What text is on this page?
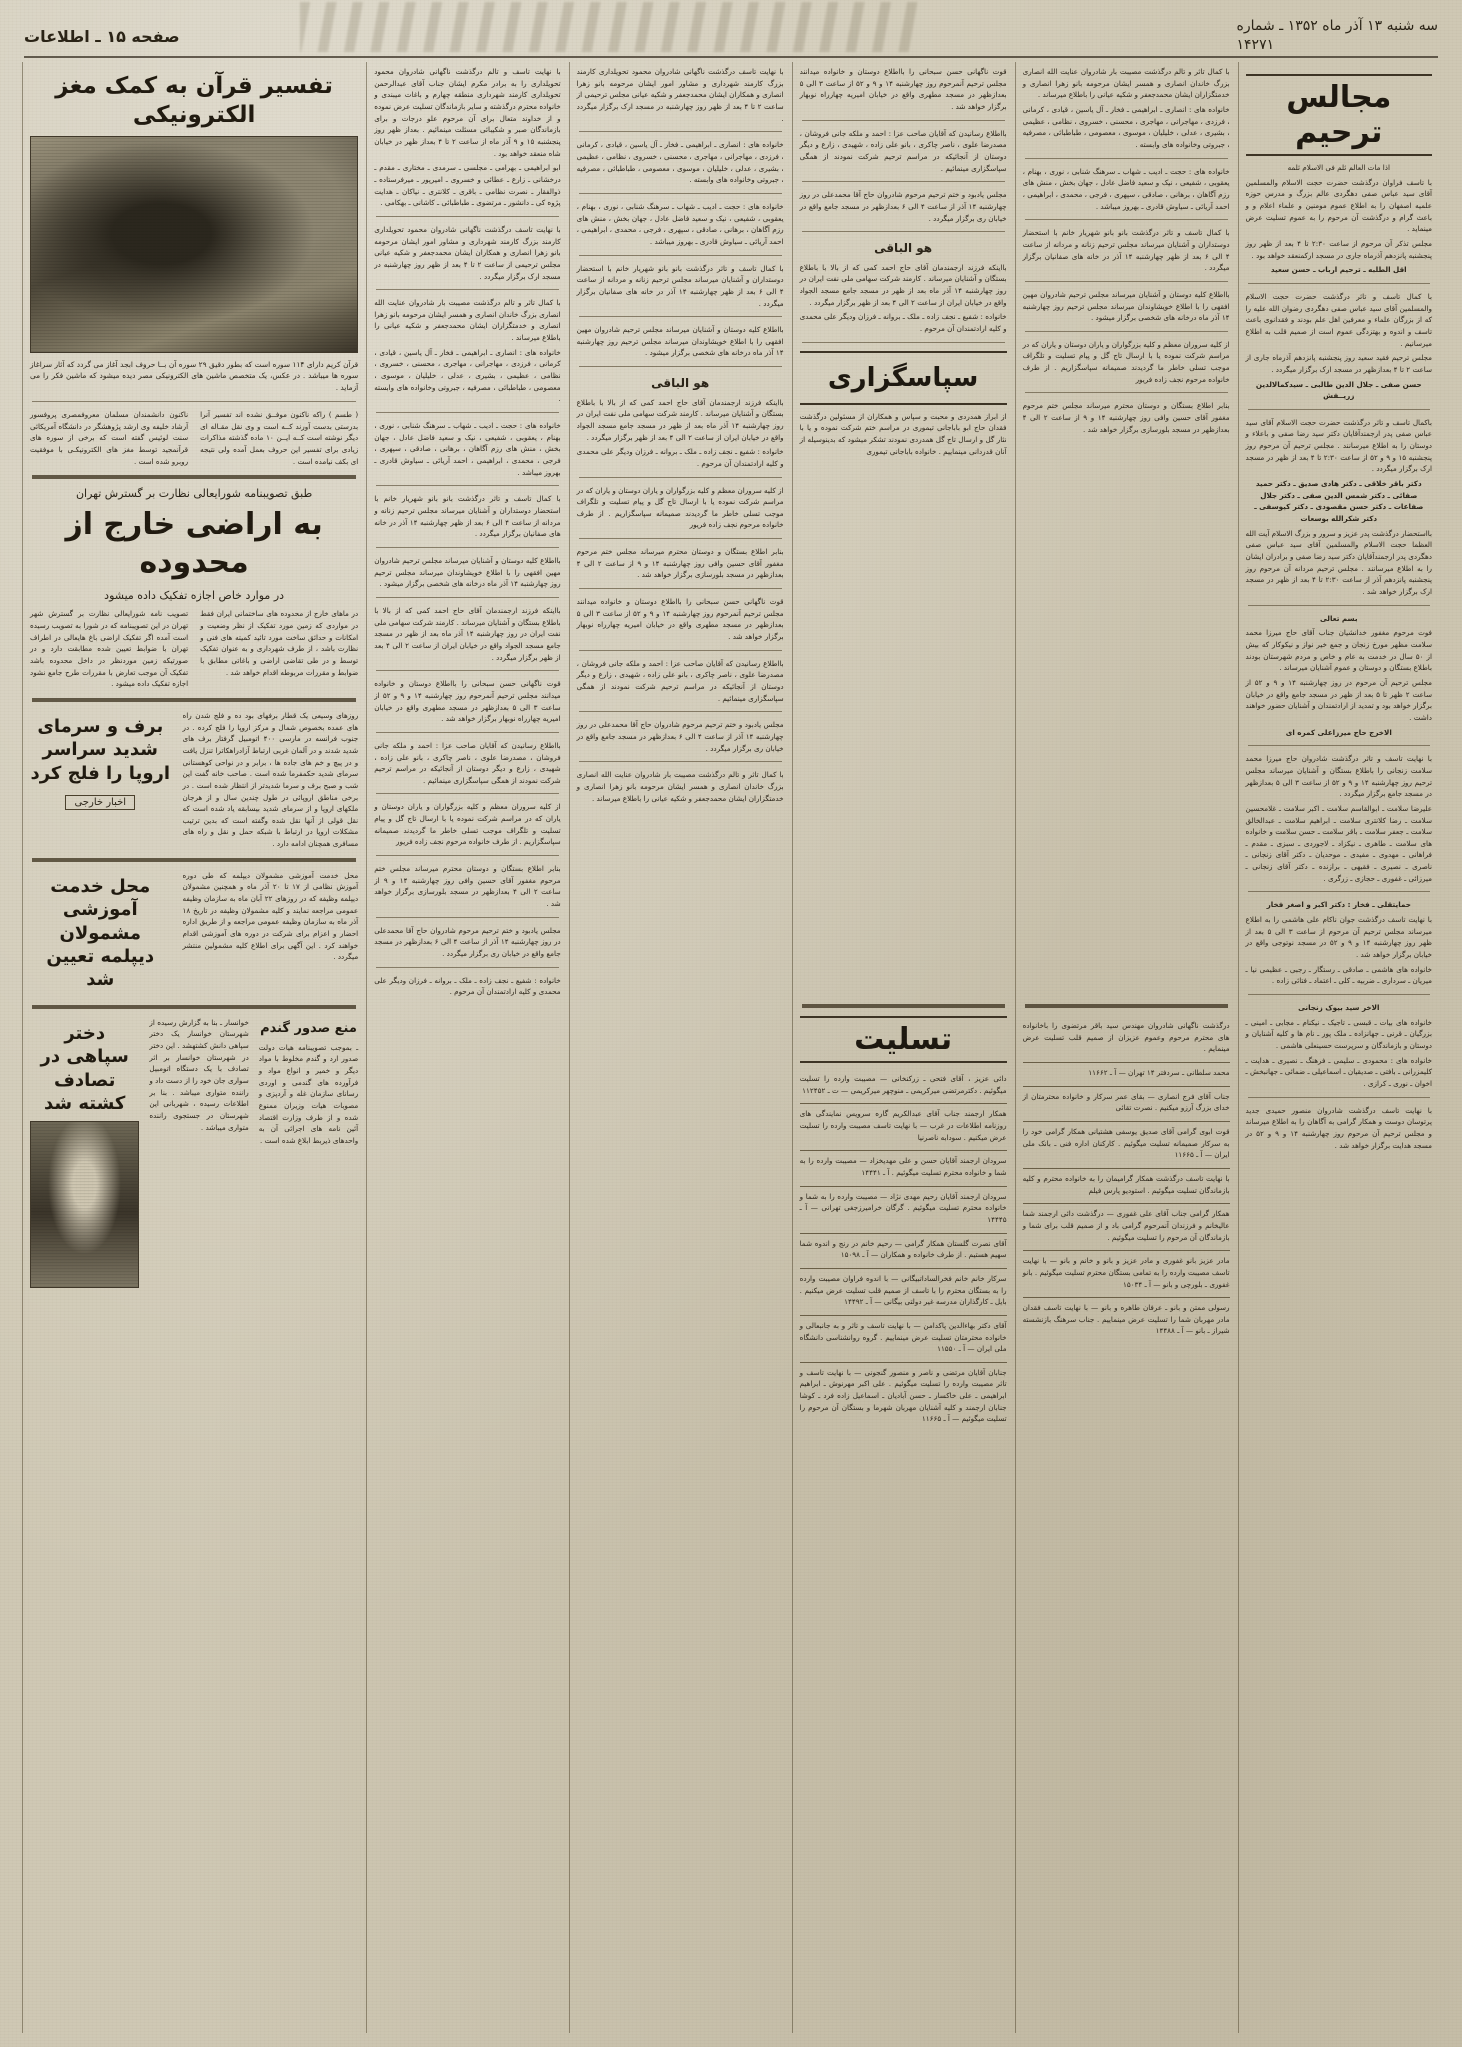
سه شنبه ۱۳ آذر ماه ۱۳۵۲ ـ شماره
۱۴۲۷۱
صفحه ۱۵ ـ اطلاعات
مجالس ترحیم

اذا مات العالم ثلم فی الاسلام ثلمه

با تاسف فراوان درگذشت حضرت حجت الاسلام والمسلمین آقای سید عباس صفی دهگردی عالم بزرگ و مدرس حوزه علمیه اصفهان را به اطلاع عموم مومنین و علماء اعلام و و باعث گرام و درگذشت آن مرحوم را به عموم تسلیت عرض مینماید .

مجلس تذکر آن مرحوم از ساعت ۲:۳۰ تا ۴ بعد از ظهر روز پنجشنبه پانزدهم آذرماه جاری در مسجد ارکمنعقد خواهد بود .

اقل الطلبه ـ ترحیم ارباب ـ حسن سعید

با کمال تاسف و تاثر درگذشت حضرت حجت الاسلام والمسلمین آقای سید عباس صفی دهگردی رضوان الله علیه را که از بزرگان علماء و معرفین اهل علم بودند و فقدانوی باعث تاسف و اندوه و بهتزدگی عموم است از صمیم قلب به اطلاع میرسانیم .

مجلس ترحیم فقید سعید روز پنجشنبه پانزدهم آذرماه جاری از ساعت ۲ تا ۴ بعدازظهر در مسجد ارک برگزار میگردد .

حسن صفی ـ جلال الدین طالبی ـ سیدکمالالدین زریــفش

باکمال تاسف و تاثر درگذشت حضرت حجت الاسلام آقای سید عباس صفی پدر ارجمندآقایان دکتر سید رضا صفی و باعلاء و دوستان را به اطلاع میرسانند . مجلس ترحیم آن مرحوم روز پنجشنبه ۱۵ و ۹ و ۵۲ از ساعت ۲:۳۰ تا ۴ بعد از ظهر در مسجد ارک برگزار میگردد .

دکتر باقر خلاقی ـ دکتر هادی صدیق ـ دکتر حمید صفائی ـ دکتر شمس الدین صفی ـ دکتر جلال صفاعات ـ دکتر حسن مقصودی ـ دکتر کیوسفی ـ دکتر شکرالله بوسعات

بااستحضار درگذشت پدر عزیز و سرور و بزرگ الاسلام آیت الله العظما حجت الاسلام والمسلمین آقای سید عباس صفی دهگردی پدر ارجمندآقایان دکتر سید رضا صفی و برادران ایشان را به اطلاع میرسانند . مجلس ترحیم مردانه آن مرحوم روز پنجشنبه پانزدهم آذر از ساعت ۲:۳۰ تا ۴ بعد از ظهر در مسجد ارک برگزار خواهد شد .

بسم تعالی

فوت مرحوم مغفور خدانشیان جناب آقای حاج میرزا محمد سلامت مظهر مورخ زنجان و جمع خیر نواز و نیکوکار که بیش از ۵۰ سال در خدمت به عام و خاص و مردم شهرستان بودند باطلاع بستگان و دوستان و عموم آشنایان میرساند .

مجلس ترحیم آن مرحوم در روز چهارشنبه ۱۴ و ۹ و ۵۲ از ساعت ۲ ظهر تا ۵ بعد از ظهر در مسجد جامع واقع در خیابان برگزار خواهد بود و تمدید از ارادتمندان و آشنایان حضور خواهند داشت .

الاخرج حاج میرزاعلی کمره ای

با نهایت تاسف و تاثر درگذشت شادروان حاج میرزا محمد سلامت زنجانی را باطلاع بستگان و آشنایان میرساند مجلس ترحیم روز چهارشنبه ۱۴ و ۹ و ۵۲ از ساعت ۳ الی ۵ بعدازظهر در مسجد جامع برگزار میگردد .

علیرضا سلامت ـ ابوالقاسم سلامت ـ اکبر سلامت ـ غلامحسین سلامت ـ رضا کلانتری سلامت ـ ابراهیم سلامت ـ عبدالخالق سلامت ـ جعفر سلامت ـ باقر سلامت ـ حسن سلامت و خانواده های سلامت ـ طاهری ـ نیکزاد ـ لاجوردی ـ سبزی ـ مقدم ـ فراهانی ـ مهدوی ـ مفیدی ـ موحدیان ـ دکتر آقای زنجانی ـ ناصری ـ نصیری ـ فقیهی ـ برازنده ـ دکتر آقای زنجانی ـ میرزائی ـ غفوری ـ حجازی ـ زرگری .

حمایتقلی ـ فخار : دکتر اکبر و اصغر فخار

با نهایت تاسف درگذشت جوان ناکام علی هاشمی را به اطلاع میرساند مجلس ترحیم آن مرحوم از ساعت ۳ الی ۵ بعد از ظهر روز چهارشنبه ۱۴ و ۹ و ۵۲ در مسجد نوتوجی واقع در خیابان برگزار خواهد شد .

خانواده های هاشمی ـ صادقی ـ رستگار ـ رجبی ـ عظیمی نیا ـ میریان ـ سرداری ـ ضربیه ـ کلی ـ اعتماد ـ فتائی زاده .

الاخر سید بیوک زنجانی

خانواده های بیات ـ قبسی ـ تاجیک ـ نیکنام ـ مجابی ـ امینی ـ بزرگیان ـ قرنی ـ جهانزاده ـ ملک پور ـ نام ها و کلیه آشنایان و دوستان و بازماندگان و سرپرست حسینعلی هاشمی .

خانواده های : محمودی ـ سلیمی ـ فرهنگ ـ نصیری ـ هدایت ـ کلیمزرانی ـ بافتی ـ صدیقیان ـ اسماعیلی ـ ضمائی ـ جهانبخش ـ اخوان ـ نوری ـ کرازی .

با نهایت تاسف درگذشت شادروان منصور حمیدی جدید پرتوسان دوست و همکار گرامی به آگاهان را به اطلاع میرساند و مجلس ترحیم آن مرحوم روز چهارشنبه ۱۴ و ۹ و ۵۲ در مسجد هدایت برگزار خواهد شد .

با کمال تاثر و تالم درگذشت مصیبت بار شادروان عنایت الله انصاری بزرگ خاندان انصاری و همسر ایشان مرحومه بانو زهرا انصاری و خدمتگزاران ایشان محمدجعفر و شکیه عیانی را باطلاع میرساند .

خانواده های : انصاری ـ ابراهیمی ـ فخار ـ آل یاسین ، قیادی ، کرمانی ، فرزدی ، مهاجرانی ، مهاجری ، محسنی ، خسروی ، نظامی ، عظیمی ، بشیری ، عدلی ، خلیلیان ، موسوی ، معصومی ، طباطبائی ، مصرفیه ، جبروتی وخانواده های وابسته .

خانواده های : حجت ـ ادیب ـ شهاب ـ سرهنگ شنابی ، نوری ، بهنام ، یعقوبی ، شفیعی ، نیک و سعید فاضل عادل ، جهان بخش ، منش های رزم آگاهان ، برهانی ، صادقی ، سپهری ، فرجی ، محمدی ، ابراهیمی ، احمد آریائی ـ سیاوش قادری ـ بهروز میباشد .

با کمال تاسف و تاثر درگذشت بانو بانو شهریار خانم با استحضار دوستداران و آشنایان میرساند مجلس ترحیم زنانه و مردانه از ساعت ۴ الی ۶ بعد از ظهر چهارشنبه ۱۴ آذر در خانه های صفانیان برگزار میگردد .

بااطلاع کلیه دوستان و آشنایان میرساند مجلس ترحیم شادروان مهین افقهی را با اطلاع خویشاوندان میرساند مجلس ترحیم روز چهارشنبه ۱۴ آذر ماه درخانه های شخصی برگزار میشود .

از کلیه سروران معظم و کلیه بزرگواران و یاران دوستان و یاران که در مراسم شرکت نموده یا با ارسال تاج گل و پیام تسلیت و تلگراف موجب تسلی خاطر ما گردیدند صمیمانه سپاسگزاریم . از طرف خانواده مرحوم نجف زاده فریور

بنابر اطلاع بستگان و دوستان محترم میرساند مجلس ختم مرحوم مغفور آقای حسین وافی روز چهارشنبه ۱۴ و ۹ از ساعت ۲ الی ۴ بعدازظهر در مسجد بلورسازی برگزار خواهد شد .

درگذشت ناگهانی شادروان مهندس سید باقر مرتضوی را باخانواده های محترم مرحوم وعموم عزیزان از صمیم قلب تسلیت عرض مینمایم .

محمد سلطانی ـ سردفتر ۱۴ تهران — آ ـ ۱۱۶۶۲

جناب آقای فرج انصاری — بقای عمر سرکار و خانواده محترمتان از خدای بزرگ آرزو میکنیم . نصرت تقائی

قوت ابوی گرامی آقای صدیق یوسفی هشتیانی همکار گرامی خود را به سرکار صمیمانه تسلیت میگوئیم . کارکنان اداره فنی ـ بانک ملی ایران — آ ـ ۱۱۶۶۵

با نهایت تاسف درگذشت همکار گرامیمان را به خانواده محترم و کلیه بازماندگان تسلیت میگوئیم . استودیو پارس فیلم

همکار گرامی جناب آقای علی غفوری — درگذشت دائی ارجمند شما عالیخانم و فرزندان آنمرحوم گرامی باد و از صمیم قلب برای شما و بازماندگان آن مرحوم را تسلیت میگوئیم .

مادر عزیز بانو غفوری و مادر عزیز و بانو و خانم و بانو — با نهایت تاسف مصیبت وارده را به تمامی بستگان محترم تسلیت میگوئیم . بانو غفوری ـ بلورچی و بانو — آ ـ ۱۵۰۳۴

رسولی ممتن و بانو ـ عرفان طاهره و بانو — با نهایت تاسف فقدان مادر مهربان شما را تسلیت عرض مینماییم . جناب سرهنگ بازنشسته شیراز ـ بانو — آ ـ ۱۴۴۸۸

قوت ناگهانی حسن سبحانی را بااطلاع دوستان و خانواده میدانند مجلس ترحیم آنمرحوم روز چهارشنبه ۱۴ و ۹ و ۵۲ از ساعت ۳ الی ۵ بعدازظهر در مسجد مطهری واقع در خیابان امیریه چهارراه نوبهار برگزار خواهد شد .

بااطلاع رسانیدن که آقایان صاحب عزا : احمد و ملکه جانی فروشان ، مصدرضا علوی ، ناصر چاکری ، بانو علی زاده ، شهیدی ، زارع و دیگر دوستان از آنجائیکه در مراسم ترحیم شرکت نمودند از همگی سپاسگزاری مینمائیم .

مجلس یادبود و ختم ترحیم مرحوم شادروان حاج آقا محمدعلی در روز چهارشنبه ۱۴ آذر از ساعت ۴ الی ۶ بعدازظهر در مسجد جامع واقع در خیابان ری برگزار میگردد .

هو الباقی

بااینکه فرزند ارجمندمان آقای حاج احمد کمی که از بالا با باطلاع بستگان و آشنایان میرساند . کارمند شرکت سهامی ملی نفت ایران در روز چهارشنبه ۱۴ آذر ماه بعد از ظهر در مسجد جامع مسجد الجواد واقع در خیابان ایران از ساعت ۲ الی ۴ بعد از ظهر برگزار میگردد .

خانواده : شفیع ـ نجف زاده ـ ملک ـ بروانه ـ فرزان ودیگر علی محمدی و کلیه ارادتمندان آن مرحوم .

سپاسگزاری

از ابراز همدردی و محبت و سپاس و همکاران از مسئولین درگذشت فقدان حاج ابو باباجانی تیموری در مراسم ختم شرکت نموده و یا با نثار گل و ارسال تاج گل همدردی نمودند تشکر میشود که بدینوسیله از آنان قدردانی مینماییم . خانواده باباجانی تیموری

تسلیت

دائی عزیز ، آقای فتحی ـ زرکنخانی — مصیبت وارده را تسلیت میگوئیم . دکترمرتضی میرکریمی ـ منوچهر میرکریمی — ت ـ ۱۱۲۴۵۲

همکار ارجمند جناب آقای عبدالکریم گاره سرویس نمایندگی های روزنامه اطلاعات در غرب — با نهایت تاسف مصیبت وارده را تسلیت عرض میکنیم . سودابه ناصرنیا

سرودان ارجمند آقایان حسن و علی مهدیخزاد — مصیبت وارده را به شما و خانواده محترم تسلیت میگوئیم . آ ـ ۱۴۴۴۱

سرودان ارجمند آقایان رحیم مهدی نژاد — مصیبت وارده را به شما و خانواده محترم تسلیت میگوئیم . گرگان خرامیرزجغی تهرانی — آ ـ ۱۴۴۴۵

آقای نصرت گلستان همکار گرامی — رحیم خانم در رنج و اندوه شما سهیم هستیم . از طرف خانواده و همکاران — آ ـ ۱۵۰۹۸

سرکار خانم خانم فخرالساداتبیگانی — با اندوه فراوان مصیبت وارده را به بستگان محترم را با تاسف از صمیم قلب تسلیت عرض میکنیم . بایل ـ کارگذاران مدرسه غیر دولتی بیگانی — آ ـ ۱۴۴۹۲

آقای دکتر بهاءالدین پاکدامن — با نهایت تاسف و تاثر و به جانبعالی و خانواده محترمتان تسلیت عرض مینماییم . گروه روانشناسی دانشگاه ملی ایران — آ ـ ۱۱۵۵۰

جنابان آقایان مرتضی و ناصر و منصور گنجونی — با نهایت تاسف و تاثر مصیبت وارده را تسلیت میگوئیم . علی اکبر مهرنوش ـ ابراهیم ابراهیمی ـ علی خاکسار ـ حسن آبادیان ـ اسماعیل زاده فرد ـ کوشا جنابان ارجمند و کلیه آشنایان مهربان شهرما و بستگان آن مرحوم را تسلیت میگوئیم — آ ـ ۱۱۶۶۵

با نهایت تاسف درگذشت ناگهانی شادروان محمود تحویلداری کارمند بزرگ کارمند شهرداری و مشاور امور ایشان مرحومه بانو زهرا انصاری و همکاران ایشان محمدجعفر و شکیه عیانی مجلس ترحیمی از ساعت ۲ تا ۴ بعد از ظهر روز چهارشنبه در مسجد ارک برگزار میگردد .

خانواده های : انصاری ـ ابراهیمی ـ فخار ـ آل یاسین ، قیادی ، کرمانی ، فرزدی ، مهاجرانی ، مهاجری ، محسنی ، خسروی ، نظامی ، عظیمی ، بشیری ، عدلی ، خلیلیان ، موسوی ، معصومی ، طباطبائی ، مصرفیه ، جبروتی وخانواده های وابسته .

خانواده های : حجت ـ ادیب ـ شهاب ـ سرهنگ شنابی ، نوری ، بهنام ، یعقوبی ، شفیعی ، نیک و سعید فاضل عادل ، جهان بخش ، منش های رزم آگاهان ، برهانی ، صادقی ، سپهری ، فرجی ، محمدی ، ابراهیمی ، احمد آریائی ـ سیاوش قادری ـ بهروز میباشد .

با کمال تاسف و تاثر درگذشت بانو بانو شهریار خانم با استحضار دوستداران و آشنایان میرساند مجلس ترحیم زنانه و مردانه از ساعت ۴ الی ۶ بعد از ظهر چهارشنبه ۱۴ آذر در خانه های صفانیان برگزار میگردد .

بااطلاع کلیه دوستان و آشنایان میرساند مجلس ترحیم شادروان مهین افقهی را با اطلاع خویشاوندان میرساند مجلس ترحیم روز چهارشنبه ۱۴ آذر ماه درخانه های شخصی برگزار میشود .

هو الباقی

بااینکه فرزند ارجمندمان آقای حاج احمد کمی که از بالا با باطلاع بستگان و آشنایان میرساند . کارمند شرکت سهامی ملی نفت ایران در روز چهارشنبه ۱۴ آذر ماه بعد از ظهر در مسجد جامع مسجد الجواد واقع در خیابان ایران از ساعت ۲ الی ۴ بعد از ظهر برگزار میگردد .

خانواده : شفیع ـ نجف زاده ـ ملک ـ بروانه ـ فرزان ودیگر علی محمدی و کلیه ارادتمندان آن مرحوم .

از کلیه سروران معظم و کلیه بزرگواران و یاران دوستان و یاران که در مراسم شرکت نموده یا با ارسال تاج گل و پیام تسلیت و تلگراف موجب تسلی خاطر ما گردیدند صمیمانه سپاسگزاریم . از طرف خانواده مرحوم نجف زاده فریور

بنابر اطلاع بستگان و دوستان محترم میرساند مجلس ختم مرحوم مغفور آقای حسین وافی روز چهارشنبه ۱۴ و ۹ از ساعت ۲ الی ۴ بعدازظهر در مسجد بلورسازی برگزار خواهد شد .

قوت ناگهانی حسن سبحانی را بااطلاع دوستان و خانواده میدانند مجلس ترحیم آنمرحوم روز چهارشنبه ۱۴ و ۹ و ۵۲ از ساعت ۳ الی ۵ بعدازظهر در مسجد مطهری واقع در خیابان امیریه چهارراه نوبهار برگزار خواهد شد .

بااطلاع رسانیدن که آقایان صاحب عزا : احمد و ملکه جانی فروشان ، مصدرضا علوی ، ناصر چاکری ، بانو علی زاده ، شهیدی ، زارع و دیگر دوستان از آنجائیکه در مراسم ترحیم شرکت نمودند از همگی سپاسگزاری مینمائیم .

مجلس یادبود و ختم ترحیم مرحوم شادروان حاج آقا محمدعلی در روز چهارشنبه ۱۴ آذر از ساعت ۴ الی ۶ بعدازظهر در مسجد جامع واقع در خیابان ری برگزار میگردد .

با کمال تاثر و تالم درگذشت مصیبت بار شادروان عنایت الله انصاری بزرگ خاندان انصاری و همسر ایشان مرحومه بانو زهرا انصاری و خدمتگزاران ایشان محمدجعفر و شکیه عیانی را باطلاع میرساند .

با نهایت تاسف و تالم درگذشت ناگهانی شادروان محمود تحویلداری را به برادر مکرم ایشان جناب آقای عبدالرحمن تحویلداری کارمند شهرداری منطقه چهارم و باغات میبندی و خانواده محترم درگذشته و سایر بازماندگان تسلیت عرض نموده و از خداوند متعال برای آن مرحوم علو درجات و برای بازماندگان صبر و شکیبائی مسئلت مینمائیم . بعداز ظهر روز پنجشنبه ۱۵ و ۹ آذر ماه از ساعت ۲ تا ۴ بعداز ظهر در خیابان شاه منعقد خواهد بود .

ابو ابراهیمی ـ بهرامی ـ مجلسی ـ سرمدی ـ مختاری ـ مقدم ـ درخشانی ـ زارع ـ عطائی و خسروی ـ امیرپور ـ میرفرستاده ـ ذوالفقار ـ نصرت نظامی ـ باقری ـ کلانتری ـ نیاکان ـ هدایت پژوه کی ـ دانشور ـ مرتضوی ـ طباطبائی ـ کاشانی ـ بهکامی .

با نهایت تاسف درگذشت ناگهانی شادروان محمود تحویلداری کارمند بزرگ کارمند شهرداری و مشاور امور ایشان مرحومه بانو زهرا انصاری و همکاران ایشان محمدجعفر و شکیه عیانی مجلس ترحیمی از ساعت ۲ تا ۴ بعد از ظهر روز چهارشنبه در مسجد ارک برگزار میگردد .

با کمال تاثر و تالم درگذشت مصیبت بار شادروان عنایت الله انصاری بزرگ خاندان انصاری و همسر ایشان مرحومه بانو زهرا انصاری و خدمتگزاران ایشان محمدجعفر و شکیه عیانی را باطلاع میرساند .

خانواده های : انصاری ـ ابراهیمی ـ فخار ـ آل یاسین ، قیادی ، کرمانی ، فرزدی ، مهاجرانی ، مهاجری ، محسنی ، خسروی ، نظامی ، عظیمی ، بشیری ، عدلی ، خلیلیان ، موسوی ، معصومی ، طباطبائی ، مصرفیه ، جبروتی وخانواده های وابسته .

خانواده های : حجت ـ ادیب ـ شهاب ـ سرهنگ شنابی ، نوری ، بهنام ، یعقوبی ، شفیعی ، نیک و سعید فاضل عادل ، جهان بخش ، منش های رزم آگاهان ، برهانی ، صادقی ، سپهری ، فرجی ، محمدی ، ابراهیمی ، احمد آریائی ـ سیاوش قادری ـ بهروز میباشد .

با کمال تاسف و تاثر درگذشت بانو بانو شهریار خانم با استحضار دوستداران و آشنایان میرساند مجلس ترحیم زنانه و مردانه از ساعت ۴ الی ۶ بعد از ظهر چهارشنبه ۱۴ آذر در خانه های صفانیان برگزار میگردد .

بااطلاع کلیه دوستان و آشنایان میرساند مجلس ترحیم شادروان مهین افقهی را با اطلاع خویشاوندان میرساند مجلس ترحیم روز چهارشنبه ۱۴ آذر ماه درخانه های شخصی برگزار میشود .

بااینکه فرزند ارجمندمان آقای حاج احمد کمی که از بالا با باطلاع بستگان و آشنایان میرساند . کارمند شرکت سهامی ملی نفت ایران در روز چهارشنبه ۱۴ آذر ماه بعد از ظهر در مسجد جامع مسجد الجواد واقع در خیابان ایران از ساعت ۲ الی ۴ بعد از ظهر برگزار میگردد .

قوت ناگهانی حسن سبحانی را بااطلاع دوستان و خانواده میدانند مجلس ترحیم آنمرحوم روز چهارشنبه ۱۴ و ۹ و ۵۲ از ساعت ۳ الی ۵ بعدازظهر در مسجد مطهری واقع در خیابان امیریه چهارراه نوبهار برگزار خواهد شد .

بااطلاع رسانیدن که آقایان صاحب عزا : احمد و ملکه جانی فروشان ، مصدرضا علوی ، ناصر چاکری ، بانو علی زاده ، شهیدی ، زارع و دیگر دوستان از آنجائیکه در مراسم ترحیم شرکت نمودند از همگی سپاسگزاری مینمائیم .

از کلیه سروران معظم و کلیه بزرگواران و یاران دوستان و یاران که در مراسم شرکت نموده یا با ارسال تاج گل و پیام تسلیت و تلگراف موجب تسلی خاطر ما گردیدند صمیمانه سپاسگزاریم . از طرف خانواده مرحوم نجف زاده فریور

بنابر اطلاع بستگان و دوستان محترم میرساند مجلس ختم مرحوم مغفور آقای حسین وافی روز چهارشنبه ۱۴ و ۹ از ساعت ۲ الی ۴ بعدازظهر در مسجد بلورسازی برگزار خواهد شد .

مجلس یادبود و ختم ترحیم مرحوم شادروان حاج آقا محمدعلی در روز چهارشنبه ۱۴ آذر از ساعت ۴ الی ۶ بعدازظهر در مسجد جامع واقع در خیابان ری برگزار میگردد .

خانواده : شفیع ـ نجف زاده ـ ملک ـ بروانه ـ فرزان ودیگر علی محمدی و کلیه ارادتمندان آن مرحوم .

تفسیر قرآن به کمک مغز الکترونیکی
قرآن کریم دارای ۱۱۴ سوره است که بطور دقیق ۲۹ سوره آن بــا حروف ابجد آغاز می گردد که آثار سراغاز سوره ها میباشد . در عکس، یک متخصص ماشین های الکترونیکی مصر دیده میشود که ماشین فکر را می آزماید .
( طسم ) راکه ناکنون موفــق نشده اند تفسیر آنرا بدرستی بدست آورند کــه است و وی نقل مقـاله ای دیگر نوشته است کــه ایــن ۱۰ ماده گذشته مذاکرات زیادی برای تفسیر این حروف بعمل آمده ولی نتیجه ای بکف نیامده است .
ناکنون دانشمندان مسلمان معروفمصری پروفسور آرشاد خلیفه وی ارشد پژوهشگر در دانشگاه آمریکائی سنت لوئیس گفته است که برخی از سوره های قرآنمجید توسط مغز های الکترونیکـی با موفقیت روبرو شده است .
طبق تصویبنامه شورایعالی نظارت بر گسترش تهران
به اراضی خارج از محدوده
در موارد خاص اجازه تفکیک داده میشود
در ماهای خارج از محدوده های ساختمانی ایران فقط در مواردی که زمین مورد تفکیک از نظر وضعیت و امکانات و حدائق ساخت مورد تائید کمیته های فنی و نظارت باشد ، از طرف شهرداری و به عنوان تفکیک توسط و در طی تقاضی اراضی و باغاتی مطابق با ضوابط و مقررات مربوطه اقدام خواهد شد .
تصویب نامه شورایعالی نظارت بر گسترش شهر تهران در این تصویبنامه که در شورا به تصویب رسیده است آمده اگر تفکیک اراضی باغ هایعالی در اطراف تهران با ضوابط تعیین شده مطابقت دارد و در صورتیکه زمین موردنظر در داخل محدوده باشد تفکیک آن موجب تعارض با مقررات طرح جامع نشود اجازه تفکیک داده میشود .
روزهای وسیعی یک قطار برفهای بود ده و فلج شدن راه های عمده بخصوص شمال و مرکز اروپا را فلج کرده . در جنوب فرانسه در مارسی ۴۰۰ اتومبیل گرفتار برف های شدید شدند و در آلمان غربی ارتباط آزادراهکاترا تنزل یافت و در پیچ و خم های جاده ها ، برابر و در نواحی کوهستانی سرمای شدید حکمفرما شده است . صاحب خانه گفت این شب و صبح برف و سرما شدیدتر از انتظار شده است . در برخی مناطق اروپائی در طول چندین سال و از هرجان ملکهای اروپا و از سرمای شدید بیسابقه یاد شده است که نقل قولی از آنها نقل شده وگفته است که بدین ترتیب مشکلات اروپا در ارتباط با شبکه حمل و نقل و راه های مسافری همچنان ادامه دارد .
برف و سرمای شدید سراسر اروپا را فلج کرد
اخبار خارجی
محل خدمت آموزشی مشمولان دیپلمه که طی دوره آموزش نظامی از ۱۷ تا ۲۰ آذر ماه و همچنین مشمولان دیپلمه وظیفه که در روزهای ۲۲ آبان ماه به سازمان وظیفه عمومی مراجعه نمایند و کلیه مشمولان وظیفه در تاریخ ۱۸ آذر ماه به سازمان وظیفه عمومی مراجعه و از طریق اداره احضار و اعزام برای شرکت در دوره های آموزشی اقدام خواهند کرد . این آگهی برای اطلاع کلیه مشمولین منتشر میگردد .
محل خدمت آموزشی مشمولان دیپلمه تعیین شد
منع صدور گندم
ـ بموجب تصویبنامه هیات دولت صدور ارد و گندم مخلوط با مواد دیگر و خمیر و انواع مواد و فرآورده های گندمی و اوردی رسانای سازمان غله و آردپزی و مصوبات هیات وزیران ممنوع شده و از طرف وزارت اقتصاد آئین نامه های اجرائی آن به واحدهای ذیربط ابلاغ شده است .
خوانسار ـ بنا به گزارش رسیده از شهرستان خوانسار یک دختر سپاهی دانش کشتهشد . این دختر در شهرستان خوانسار بر اثر تصادف با یک دستگاه اتومبیل سواری جان خود را از دست داد و راننده متواری میباشد . بنا بر اطلاعات رسیده ، شهربانی این شهرستان در جستجوی راننده متواری میباشد .
دختر سپاهی در تصادف کشته شد
